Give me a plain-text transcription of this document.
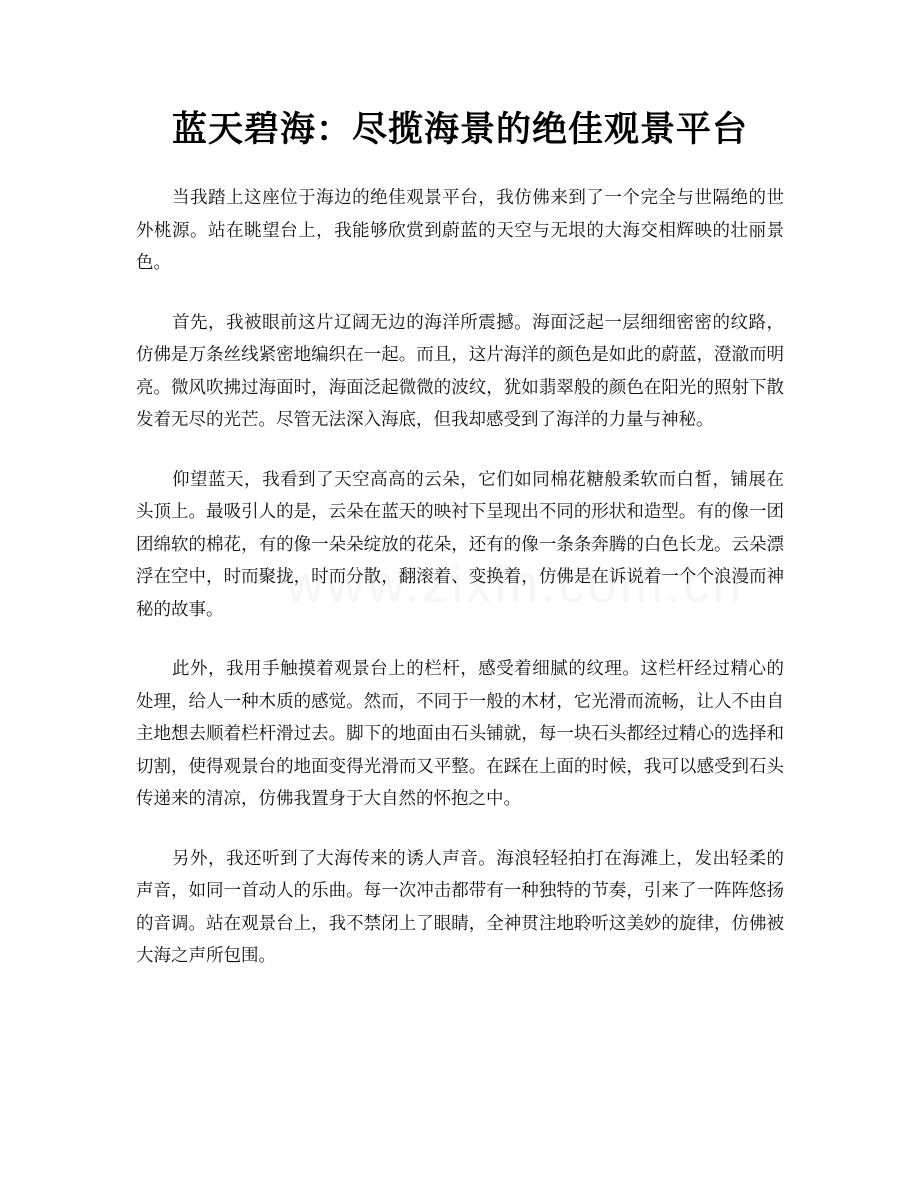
蓝天碧海：尽揽海景的绝佳观景平台

当我踏上这座位于海边的绝佳观景平台，我仿佛来到了一个完全与世隔绝的世外桃源。站在眺望台上，我能够欣赏到蔚蓝的天空与无垠的大海交相辉映的壮丽景色。

首先，我被眼前这片辽阔无边的海洋所震撼。海面泛起一层细细密密的纹路，仿佛是万条丝线紧密地编织在一起。而且，这片海洋的颜色是如此的蔚蓝，澄澈而明亮。微风吹拂过海面时，海面泛起微微的波纹，犹如翡翠般的颜色在阳光的照射下散发着无尽的光芒。尽管无法深入海底，但我却感受到了海洋的力量与神秘。

仰望蓝天，我看到了天空高高的云朵，它们如同棉花糖般柔软而白皙，铺展在头顶上。最吸引人的是，云朵在蓝天的映衬下呈现出不同的形状和造型。有的像一团团绵软的棉花，有的像一朵朵绽放的花朵，还有的像一条条奔腾的白色长龙。云朵漂浮在空中，时而聚拢，时而分散，翻滚着、变换着，仿佛是在诉说着一个个浪漫而神秘的故事。

此外，我用手触摸着观景台上的栏杆，感受着细腻的纹理。这栏杆经过精心的处理，给人一种木质的感觉。然而，不同于一般的木材，它光滑而流畅，让人不由自主地想去顺着栏杆滑过去。脚下的地面由石头铺就，每一块石头都经过精心的选择和切割，使得观景台的地面变得光滑而又平整。在踩在上面的时候，我可以感受到石头传递来的清凉，仿佛我置身于大自然的怀抱之中。

另外，我还听到了大海传来的诱人声音。海浪轻轻拍打在海滩上，发出轻柔的声音，如同一首动人的乐曲。每一次冲击都带有一种独特的节奏，引来了一阵阵悠扬的音调。站在观景台上，我不禁闭上了眼睛，全神贯注地聆听这美妙的旋律，仿佛被大海之声所包围。
